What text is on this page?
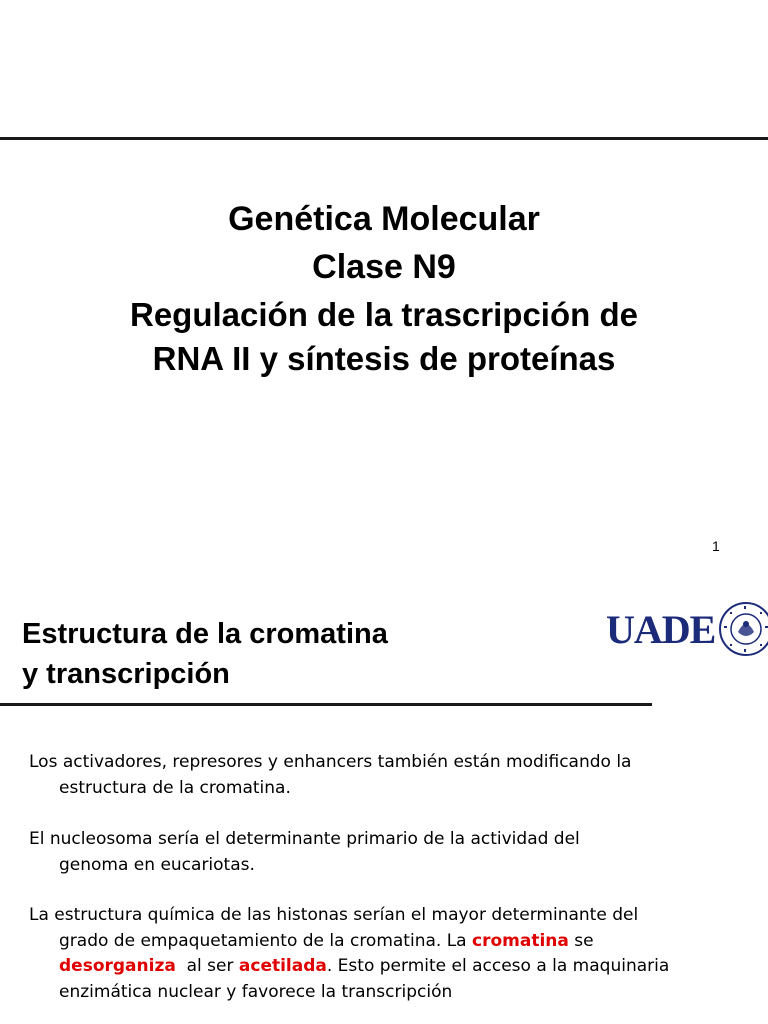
Genética Molecular
Clase N9
Regulación de la trascripción de
RNA II y síntesis de proteínas
1
Estructura de la cromatina
y transcripción
UADE
Los activadores, represores y enhancers también están modificando la
estructura de la cromatina.
El nucleosoma sería el determinante primario de la actividad del
genoma en eucariotas.
La estructura química de las histonas serían el mayor determinante del
grado de empaquetamiento de la cromatina. La cromatina se
desorganiza  al ser acetilada. Esto permite el acceso a la maquinaria
enzimática nuclear y favorece la transcripción
